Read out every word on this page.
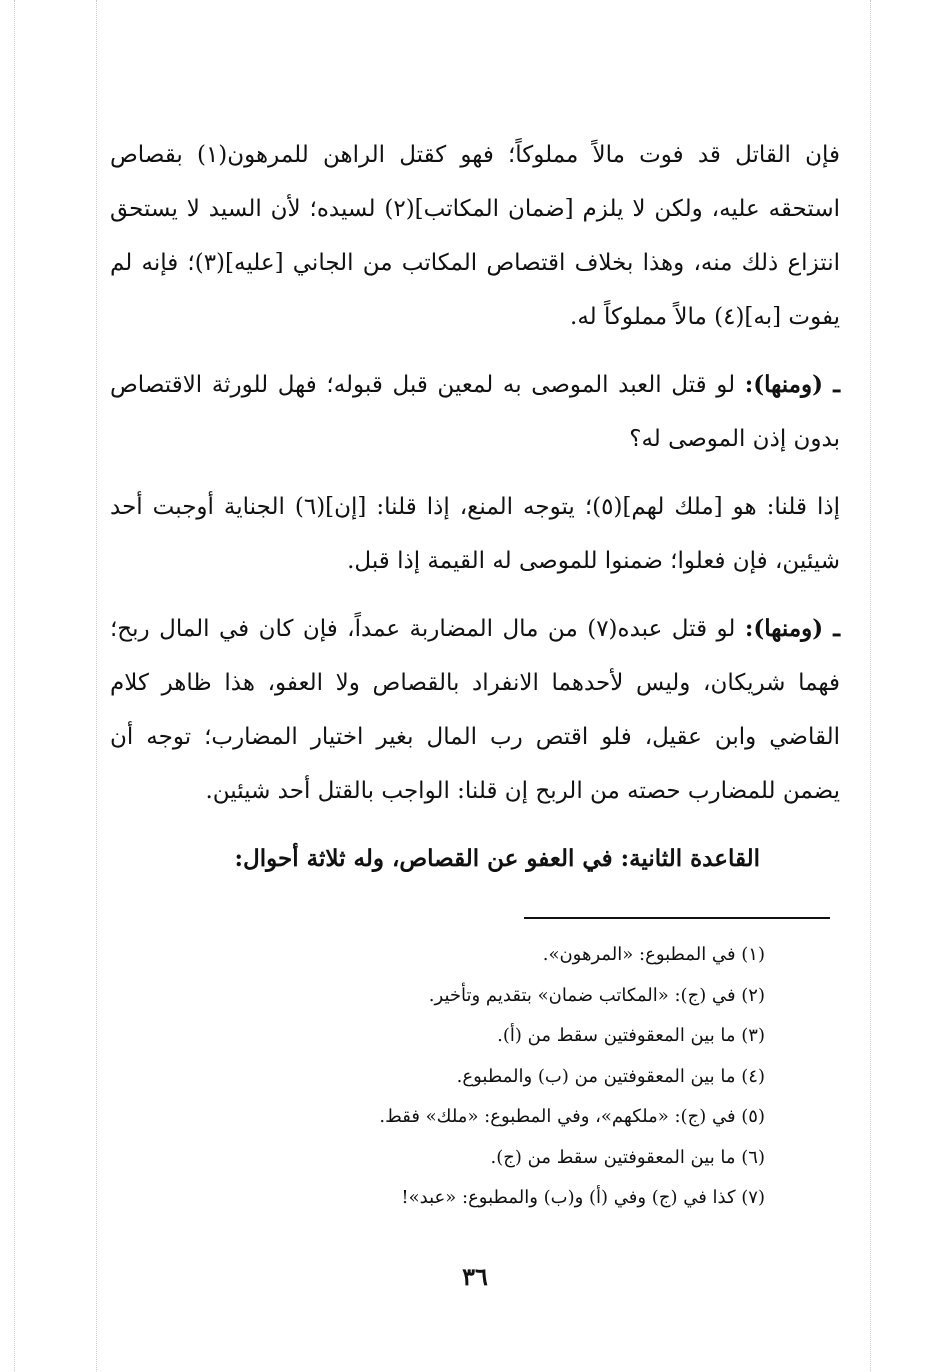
فإن القاتل قد فوت مالاً مملوكاً؛ فهو كقتل الراهن للمرهون(١) بقصاص استحقه عليه، ولكن لا يلزم [ضمان المكاتب](٢) لسيده؛ لأن السيد لا يستحق انتزاع ذلك منه، وهذا بخلاف اقتصاص المكاتب من الجاني [عليه](٣)؛ فإنه لم يفوت [به](٤) مالاً مملوكاً له.

ـ (ومنها): لو قتل العبد الموصى به لمعين قبل قبوله؛ فهل للورثة الاقتصاص بدون إذن الموصى له؟

إذا قلنا: هو [ملك لهم](٥)؛ يتوجه المنع، إذا قلنا: [إن](٦) الجناية أوجبت أحد شيئين، فإن فعلوا؛ ضمنوا للموصى له القيمة إذا قبل.

ـ (ومنها): لو قتل عبده(٧) من مال المضاربة عمداً، فإن كان في المال ربح؛ فهما شريكان، وليس لأحدهما الانفراد بالقصاص ولا العفو، هذا ظاهر كلام القاضي وابن عقيل، فلو اقتص رب المال بغير اختيار المضارب؛ توجه أن يضمن للمضارب حصته من الربح إن قلنا: الواجب بالقتل أحد شيئين.

القاعدة الثانية: في العفو عن القصاص، وله ثلاثة أحوال:
(١) في المطبوع: «المرهون».
(٢) في (ج): «المكاتب ضمان» بتقديم وتأخير.
(٣) ما بين المعقوفتين سقط من (أ).
(٤) ما بين المعقوفتين من (ب) والمطبوع.
(٥) في (ج): «ملكهم»، وفي المطبوع: «ملك» فقط.
(٦) ما بين المعقوفتين سقط من (ج).
(٧) كذا في (ج) وفي (أ) و(ب) والمطبوع: «عبد»!
٣٦
